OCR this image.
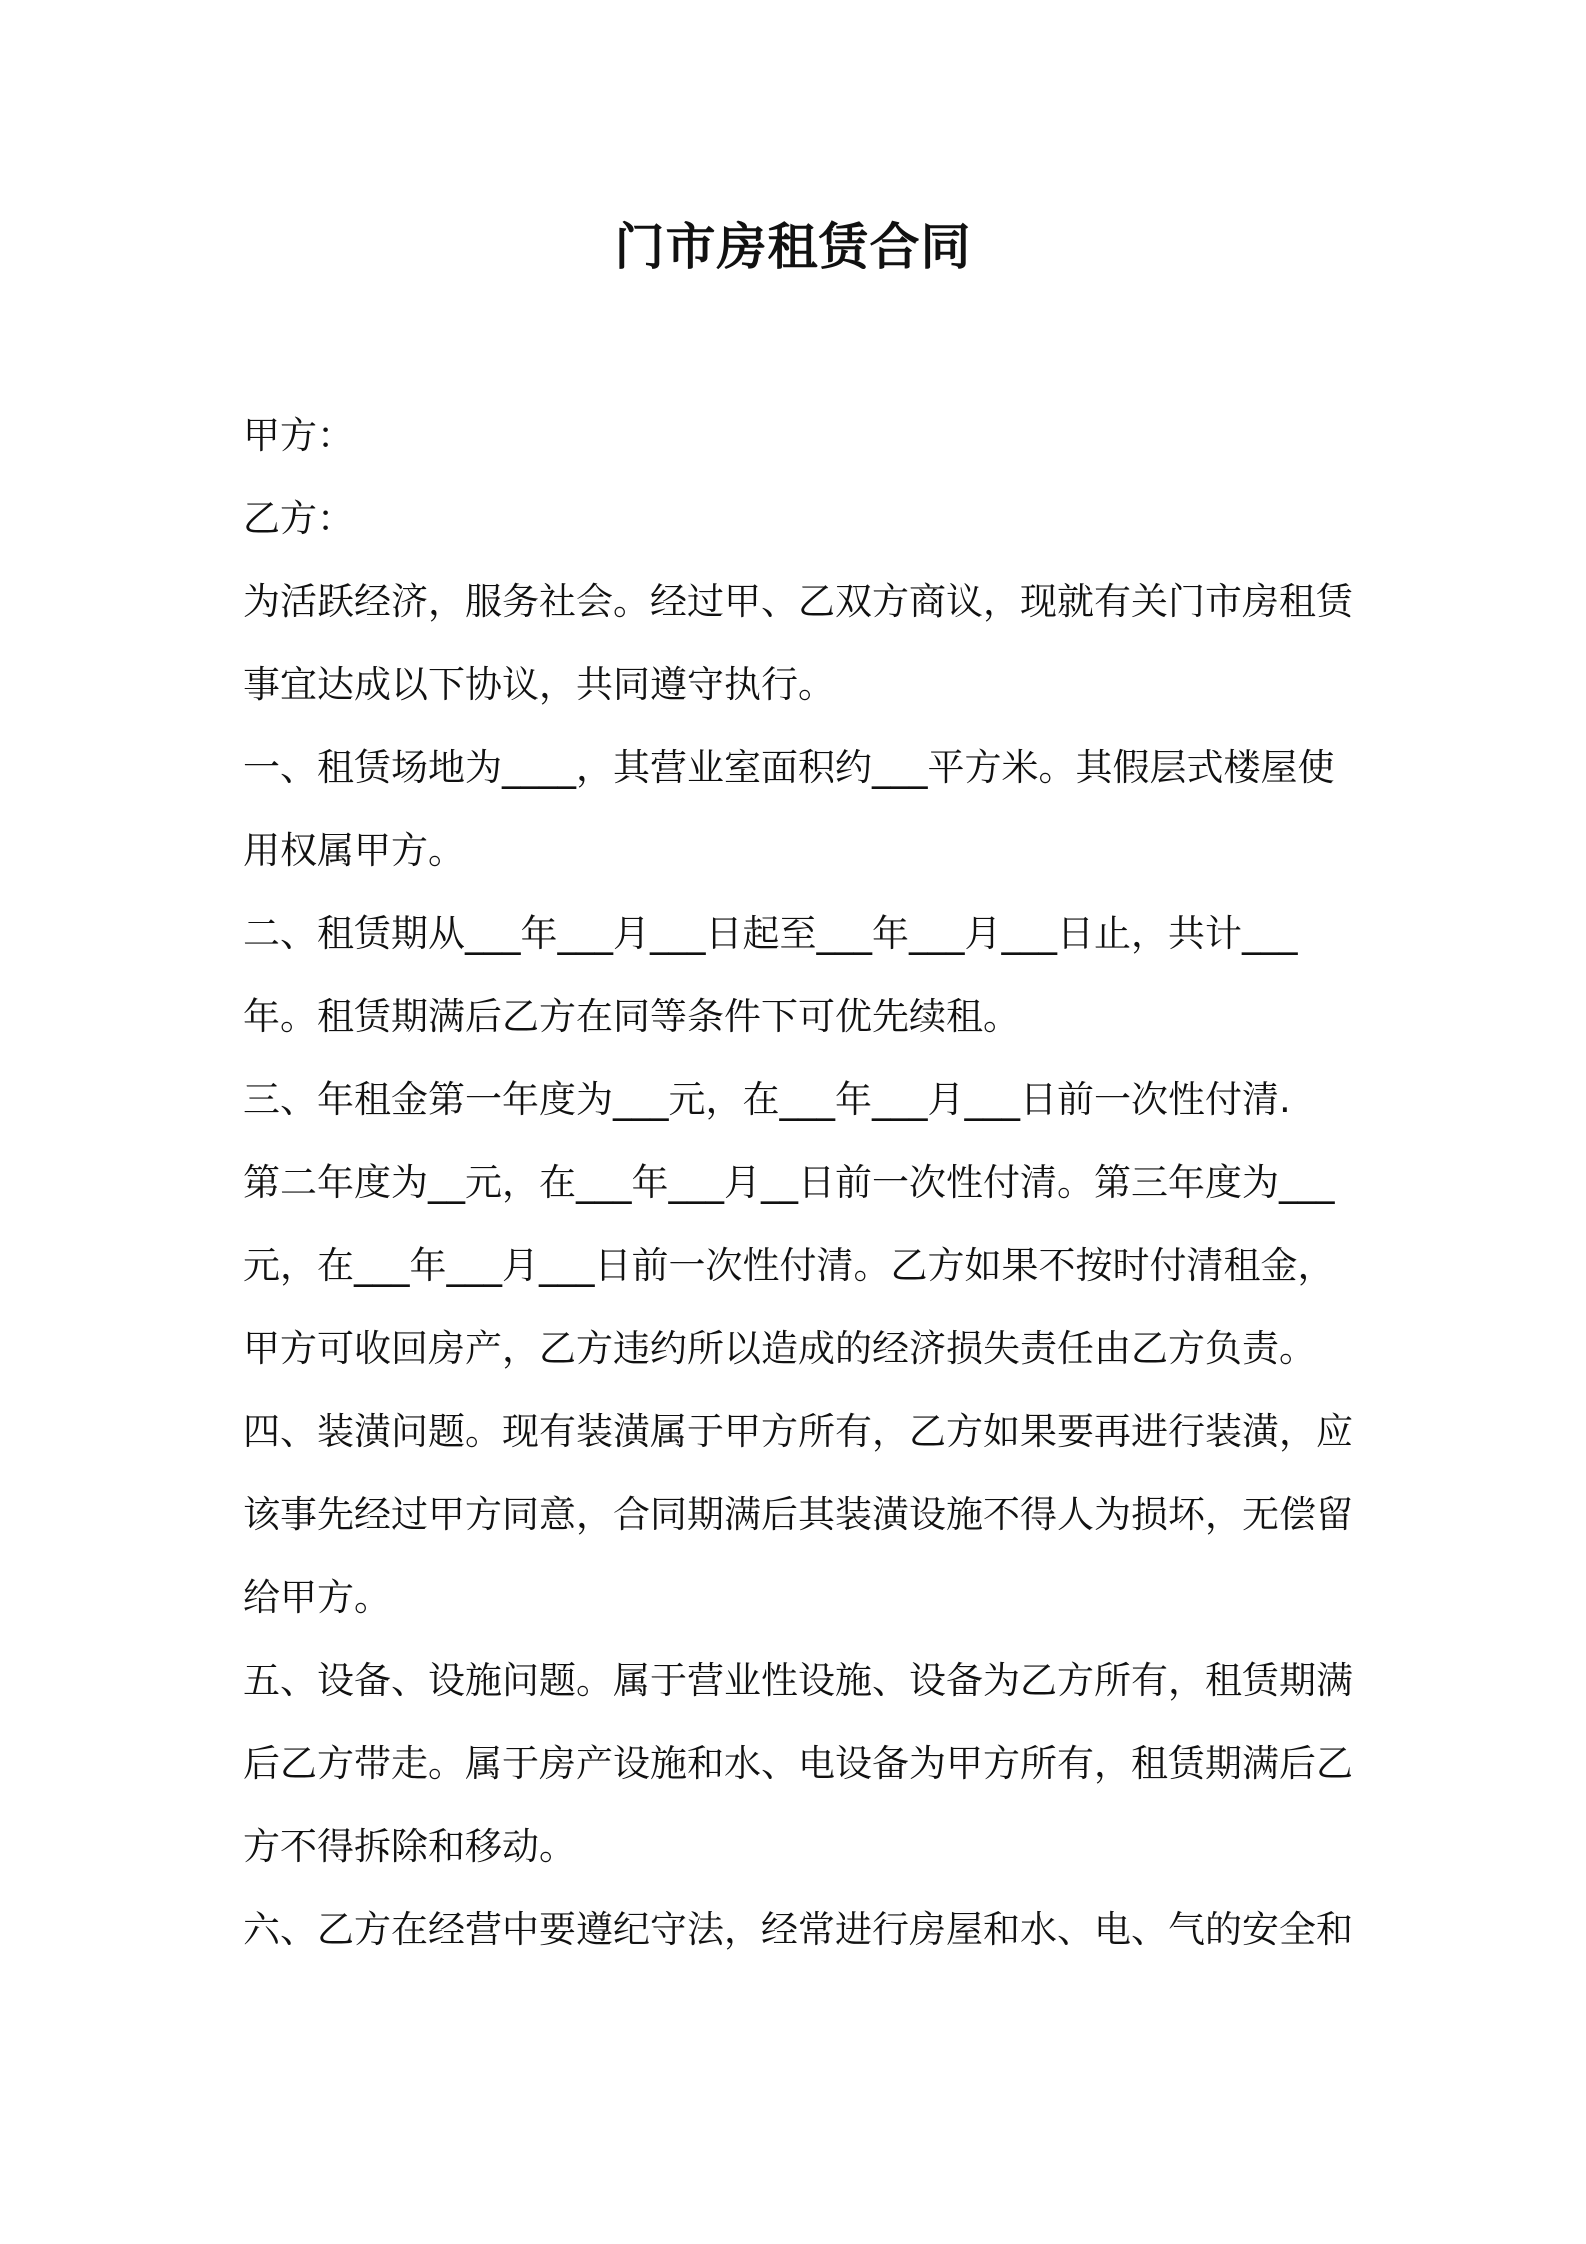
门市房租赁合同
甲方：
乙方：
为活跃经济，服务社会。经过甲、乙双方商议，现就有关门市房租赁
事宜达成以下协议，共同遵守执行。
一、租赁场地为____，其营业室面积约___平方米。其假层式楼屋使
用权属甲方。
二、租赁期从___年___月___日起至___年___月___日止，共计___
年。租赁期满后乙方在同等条件下可优先续租。
三、年租金第一年度为___元，在___年___月___日前一次性付清.
第二年度为__元，在___年___月__日前一次性付清。第三年度为___
元，在___年___月___日前一次性付清。乙方如果不按时付清租金，
甲方可收回房产，乙方违约所以造成的经济损失责任由乙方负责。
四、装潢问题。现有装潢属于甲方所有，乙方如果要再进行装潢，应
该事先经过甲方同意，合同期满后其装潢设施不得人为损坏，无偿留
给甲方。
五、设备、设施问题。属于营业性设施、设备为乙方所有，租赁期满
后乙方带走。属于房产设施和水、电设备为甲方所有，租赁期满后乙
方不得拆除和移动。
六、乙方在经营中要遵纪守法，经常进行房屋和水、电、气的安全和
